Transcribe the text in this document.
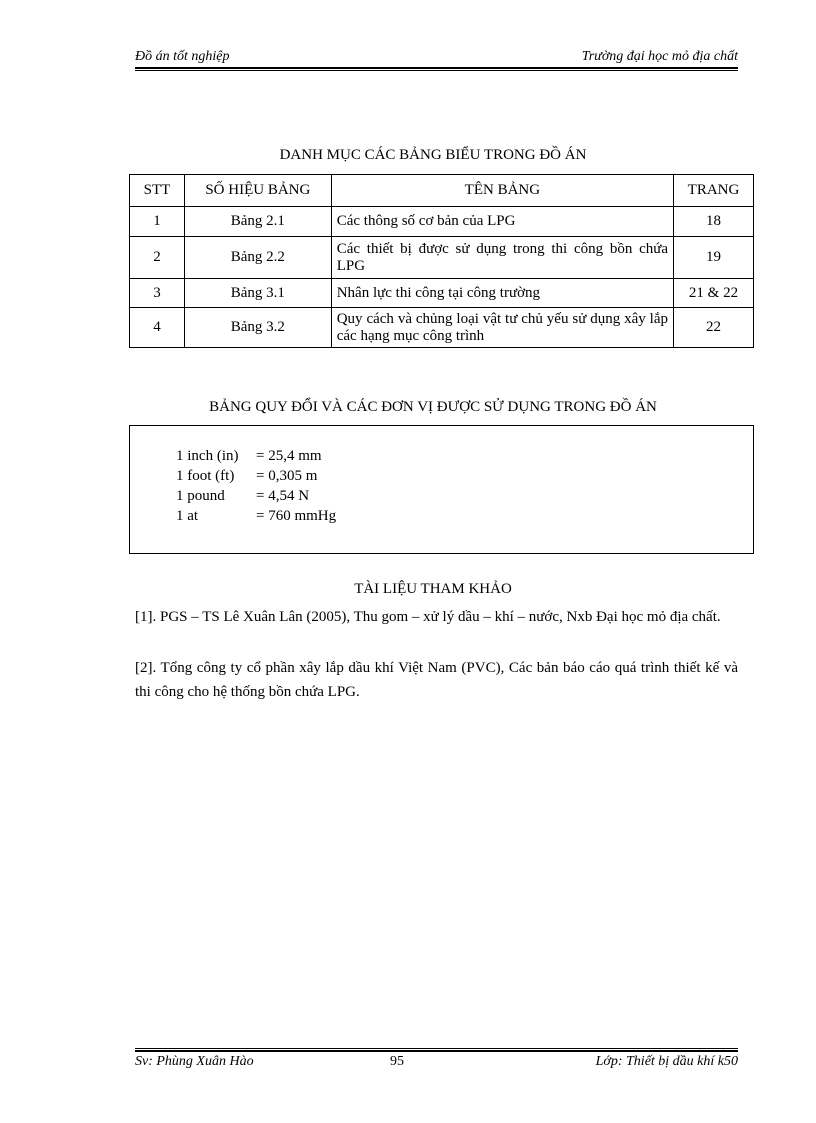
Đồ án tốt nghiệp	Trường đại học mỏ địa chất
DANH MỤC CÁC BẢNG BIỂU TRONG ĐỒ ÁN
STT	SỐ HIỆU BẢNG	TÊN BẢNG	TRANG
1	Bảng 2.1	Các thông số cơ bản của LPG	18
2	Bảng 2.2	Các thiết bị được sử dụng trong thi công bồn chứa LPG	19
3	Bảng 3.1	Nhân lực thi công tại công trường	21 & 22
4	Bảng 3.2	Quy cách và chủng loại vật tư chủ yếu sử dụng xây lắp các hạng mục công trình	22
BẢNG QUY ĐỔI VÀ CÁC ĐƠN VỊ ĐƯỢC SỬ DỤNG TRONG ĐỒ ÁN
1 inch (in) = 25,4 mm
1 foot (ft) = 0,305 m
1 pound = 4,54 N
1 at	= 760 mmHg
TÀI LIỆU THAM KHẢO
[1]. PGS – TS Lê Xuân Lân (2005), Thu gom – xử lý dầu – khí – nước, Nxb Đại học mỏ địa chất.
[2]. Tổng công ty cổ phần xây lắp dầu khí Việt Nam (PVC), Các bản báo cáo quá trình thiết kế và thi công cho hệ thống bồn chứa LPG.
Sv: Phùng Xuân Hào	95	Lớp: Thiết bị dầu khí k50
